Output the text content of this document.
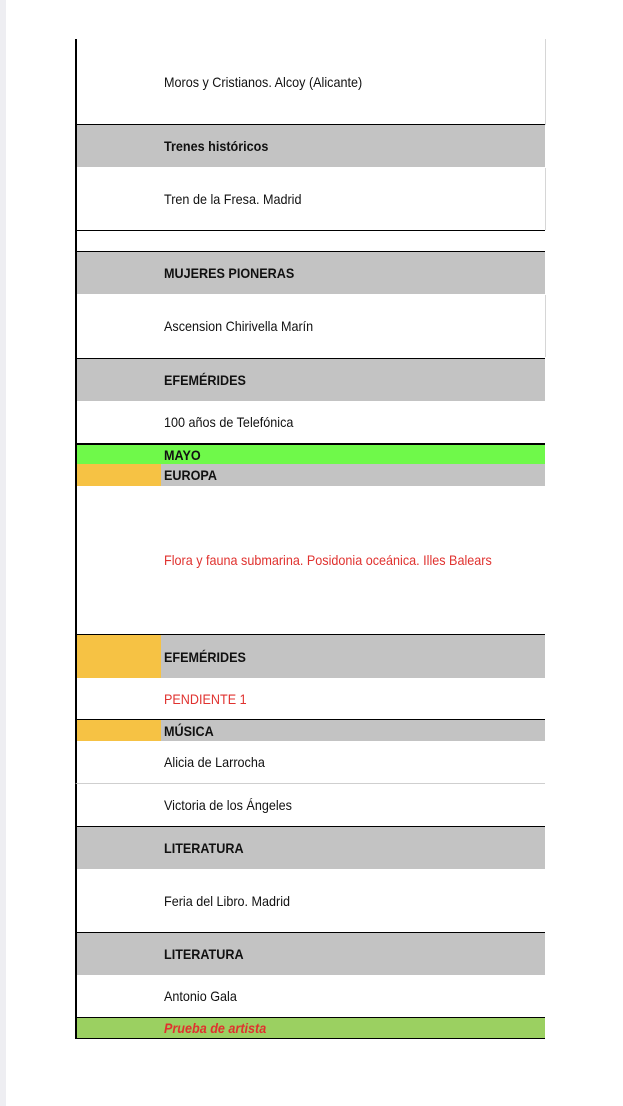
Moros y Cristianos. Alcoy (Alicante)
Trenes históricos
Tren de la Fresa. Madrid
MUJERES PIONERAS
Ascension Chirivella Marín
EFEMÉRIDES
100 años de Telefónica
MAYO
EUROPA
Flora y fauna submarina. Posidonia oceánica. Illes Balears
EFEMÉRIDES
PENDIENTE 1
MÚSICA
Alicia de Larrocha
Victoria de los Ángeles
LITERATURA
Feria del Libro. Madrid
LITERATURA
Antonio Gala
Prueba de artista
